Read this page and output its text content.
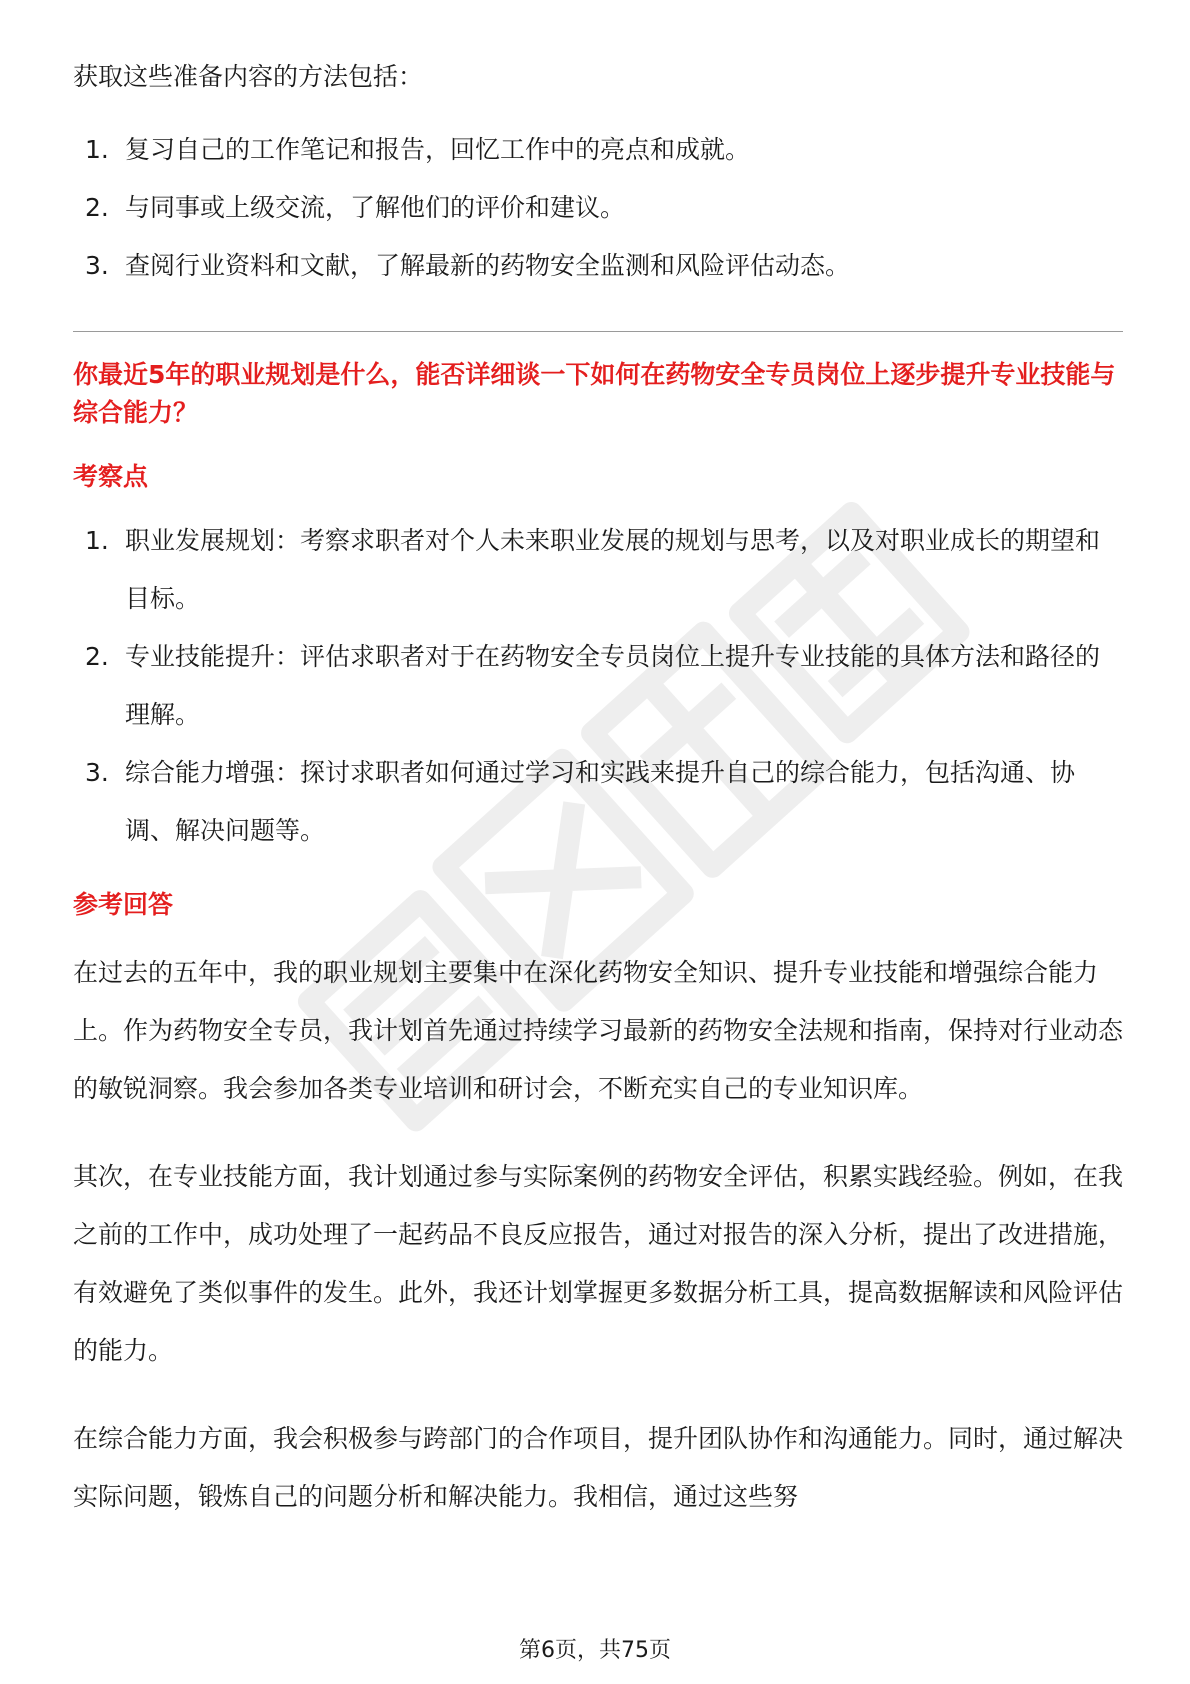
获取这些准备内容的方法包括：

1. 复习自己的工作笔记和报告，回忆工作中的亮点和成就。
2. 与同事或上级交流，了解他们的评价和建议。
3. 查阅行业资料和文献，了解最新的药物安全监测和风险评估动态。

你最近5年的职业规划是什么，能否详细谈一下如何在药物安全专员岗位上逐步提升专业技能与综合能力？

考察点

1. 职业发展规划：考察求职者对个人未来职业发展的规划与思考，以及对职业成长的期望和目标。
2. 专业技能提升：评估求职者对于在药物安全专员岗位上提升专业技能的具体方法和路径的理解。
3. 综合能力增强：探讨求职者如何通过学习和实践来提升自己的综合能力，包括沟通、协调、解决问题等。

参考回答

在过去的五年中，我的职业规划主要集中在深化药物安全知识、提升专业技能和增强综合能力上。作为药物安全专员，我计划首先通过持续学习最新的药物安全法规和指南，保持对行业动态的敏锐洞察。我会参加各类专业培训和研讨会，不断充实自己的专业知识库。

其次，在专业技能方面，我计划通过参与实际案例的药物安全评估，积累实践经验。例如，在我之前的工作中，成功处理了一起药品不良反应报告，通过对报告的深入分析，提出了改进措施，有效避免了类似事件的发生。此外，我还计划掌握更多数据分析工具，提高数据解读和风险评估的能力。

在综合能力方面，我会积极参与跨部门的合作项目，提升团队协作和沟通能力。同时，通过解决实际问题，锻炼自己的问题分析和解决能力。我相信，通过这些努

第6页，共75页
